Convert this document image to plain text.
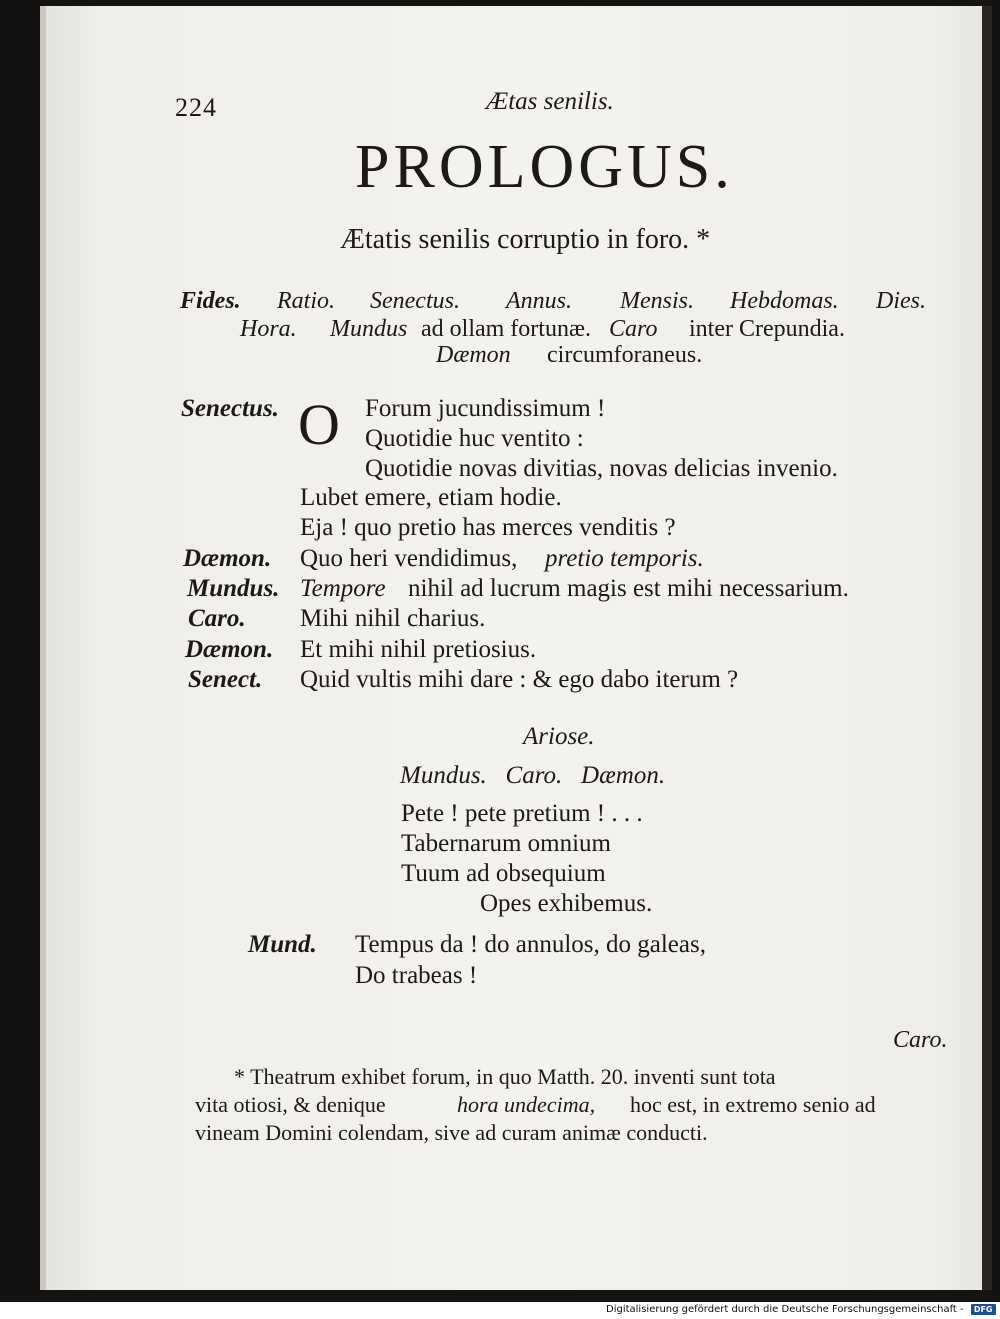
224	Ætas senilis.
PROLOGUS.
Ætatis senilis corruptio in foro. *
Fides. Ratio. Senectus. Annus. Mensis. Hebdomas. Dies.
Hora. Mundus ad ollam fortunæ. Caro inter Crepundia.
Dæmon circumforaneus.
Senectus. O Forum jucundissimum !
Quotidie huc ventito :
Quotidie novas divitias, novas delicias invenio.
Lubet emere, etiam hodie.
Eja ! quo pretio has merces venditis ?
Dæmon. Quo heri vendidimus, pretio temporis.
Mundus. Tempore nihil ad lucrum magis est mihi necessarium.
Caro. Mihi nihil charius.
Dæmon. Et mihi nihil pretiosius.
Senect. Quid vultis mihi dare : & ego dabo iterum ?
Ariose.
Mundus.   Caro.   Dæmon.
Pete ! pete pretium ! . . .
Tabernarum omnium
Tuum ad obsequium
Opes exhibemus.
Mund. Tempus da ! do annulos, do galeas,
Do trabeas !
Caro.
* Theatrum exhibet forum, in quo Matth. 20. inventi sunt tota
vita otiosi, & denique	hora undecima, hoc est, in extremo senio ad
vineam Domini colendam, sive ad curam animæ conducti.
Digitalisierung gefördert durch die Deutsche Forschungsgemeinschaft - DFG
